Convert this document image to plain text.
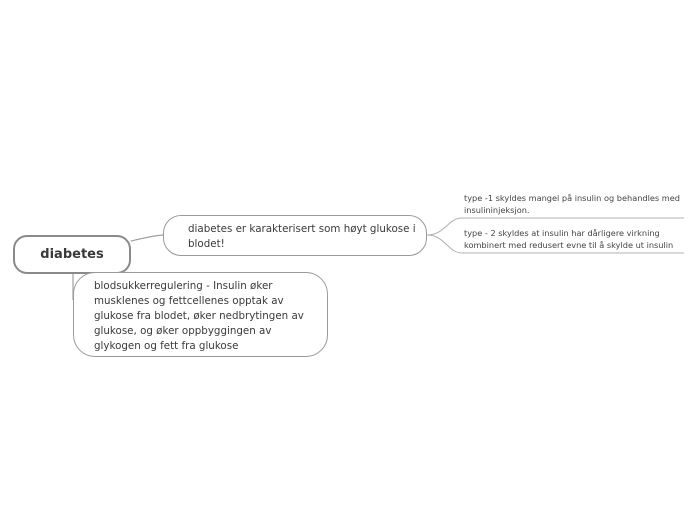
diabetes
diabetes er karakterisert som høyt glukose i blodet!
type -1 skyldes mangel på insulin og behandles med
insulininjeksjon.
type - 2 skyldes at insulin har dårligere virkning
kombinert med redusert evne til å skylde ut insulin
blodsukkerregulering - Insulin øker musklenes og fettcellenes opptak av glukose fra blodet, øker nedbrytingen av glukose, og øker oppbyggingen av glykogen og fett fra glukose
